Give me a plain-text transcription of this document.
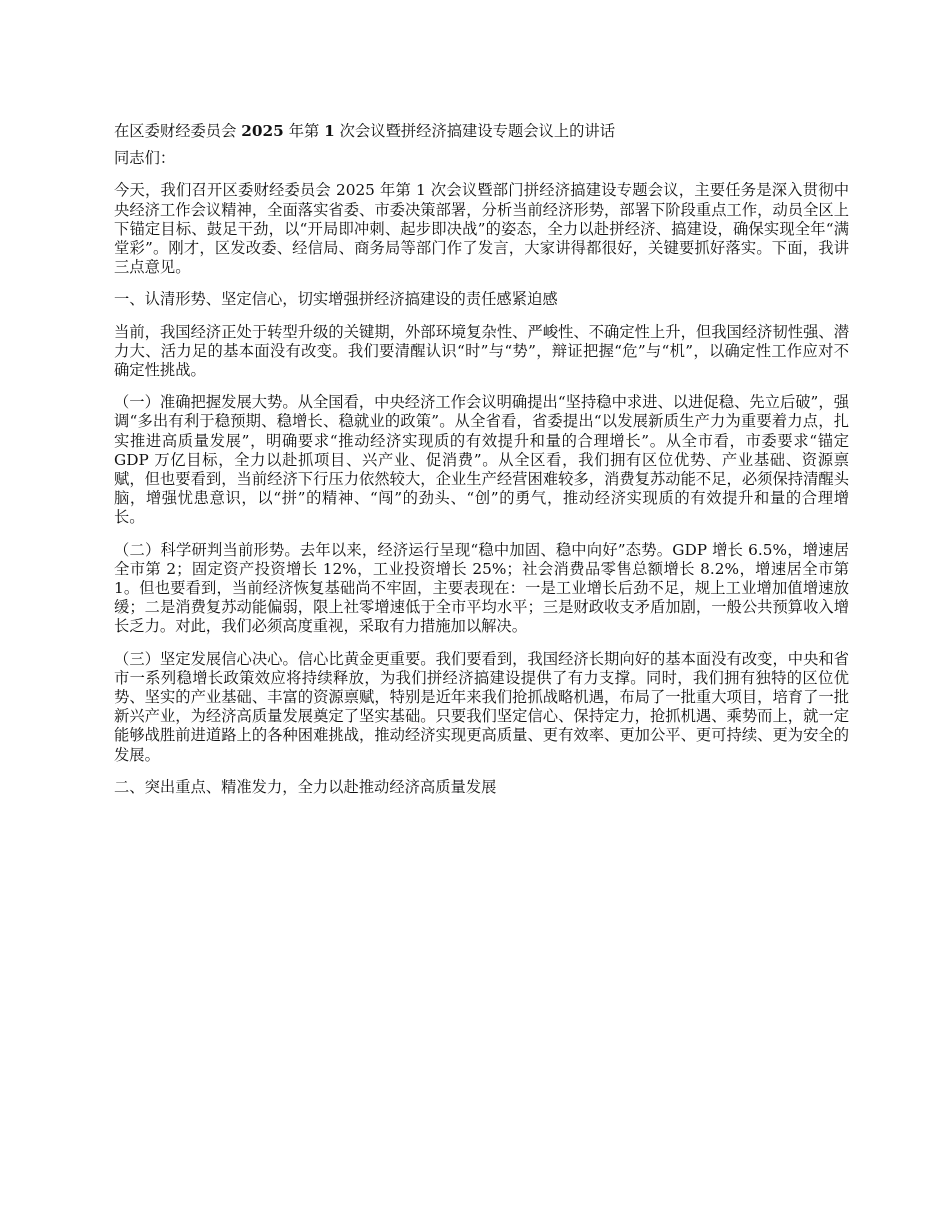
在区委财经委员会 2025 年第 1 次会议暨拼经济搞建设专题会议上的讲话

同志们：

今天，我们召开区委财经委员会 2025 年第 1 次会议暨部门拼经济搞建设专题会议，主要任务是深入贯彻中央经济工作会议精神，全面落实省委、市委决策部署，分析当前经济形势，部署下阶段重点工作，动员全区上下锚定目标、鼓足干劲，以“开局即冲刺、起步即决战”的姿态，全力以赴拼经济、搞建设，确保实现全年“满堂彩”。刚才，区发改委、经信局、商务局等部门作了发言，大家讲得都很好，关键要抓好落实。下面，我讲三点意见。

一、认清形势、坚定信心，切实增强拼经济搞建设的责任感紧迫感

当前，我国经济正处于转型升级的关键期，外部环境复杂性、严峻性、不确定性上升，但我国经济韧性强、潜力大、活力足的基本面没有改变。我们要清醒认识“时”与“势”，辩证把握“危”与“机”，以确定性工作应对不确定性挑战。

（一）准确把握发展大势。从全国看，中央经济工作会议明确提出“坚持稳中求进、以进促稳、先立后破”，强调“多出有利于稳预期、稳增长、稳就业的政策”。从全省看，省委提出“以发展新质生产力为重要着力点，扎实推进高质量发展”，明确要求“推动经济实现质的有效提升和量的合理增长”。从全市看，市委要求“锚定 GDP 万亿目标，全力以赴抓项目、兴产业、促消费”。从全区看，我们拥有区位优势、产业基础、资源禀赋，但也要看到，当前经济下行压力依然较大，企业生产经营困难较多，消费复苏动能不足，必须保持清醒头脑，增强忧患意识，以“拼”的精神、“闯”的劲头、“创”的勇气，推动经济实现质的有效提升和量的合理增长。

（二）科学研判当前形势。去年以来，经济运行呈现“稳中加固、稳中向好”态势。GDP 增长 6.5%，增速居全市第 2；固定资产投资增长 12%，工业投资增长 25%；社会消费品零售总额增长 8.2%，增速居全市第 1。但也要看到，当前经济恢复基础尚不牢固，主要表现在：一是工业增长后劲不足，规上工业增加值增速放缓；二是消费复苏动能偏弱，限上社零增速低于全市平均水平；三是财政收支矛盾加剧，一般公共预算收入增长乏力。对此，我们必须高度重视，采取有力措施加以解决。

（三）坚定发展信心决心。信心比黄金更重要。我们要看到，我国经济长期向好的基本面没有改变，中央和省市一系列稳增长政策效应将持续释放，为我们拼经济搞建设提供了有力支撑。同时，我们拥有独特的区位优势、坚实的产业基础、丰富的资源禀赋，特别是近年来我们抢抓战略机遇，布局了一批重大项目，培育了一批新兴产业，为经济高质量发展奠定了坚实基础。只要我们坚定信心、保持定力，抢抓机遇、乘势而上，就一定能够战胜前进道路上的各种困难挑战，推动经济实现更高质量、更有效率、更加公平、更可持续、更为安全的发展。

二、突出重点、精准发力，全力以赴推动经济高质量发展
